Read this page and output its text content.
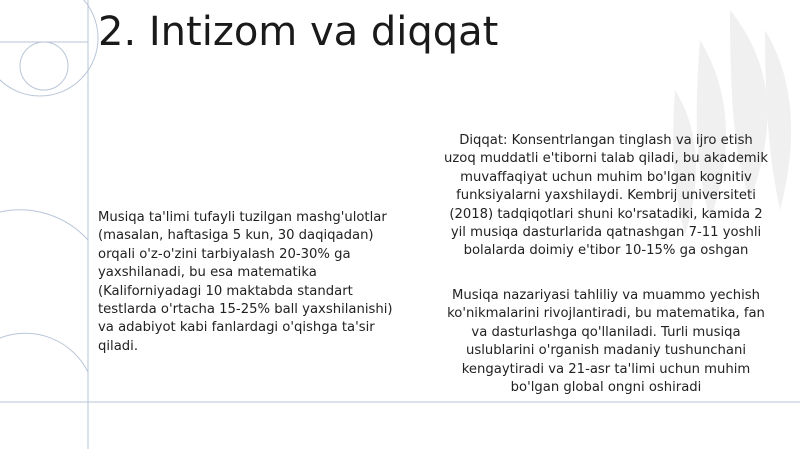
2. Intizom va diqqat

Musiqa ta'limi tufayli tuzilgan mashg'ulotlar (masalan, haftasiga 5 kun, 30 daqiqadan) orqali o'z-o'zini tarbiyalash 20-30% ga yaxshilanadi, bu esa matematika (Kaliforniyadagi 10 maktabda standart testlarda o'rtacha 15-25% ball yaxshilanishi) va adabiyot kabi fanlardagi o'qishga ta'sir qiladi.

Diqqat: Konsentrlangan tinglash va ijro etish uzoq muddatli e'tiborni talab qiladi, bu akademik muvaffaqiyat uchun muhim bo'lgan kognitiv funksiyalarni yaxshilaydi. Kembrij universiteti (2018) tadqiqotlari shuni ko'rsatadiki, kamida 2 yil musiqa dasturlarida qatnashgan 7-11 yoshli bolalarda doimiy e'tibor 10-15% ga oshgan

Musiqa nazariyasi tahliliy va muammo yechish ko'nikmalarini rivojlantiradi, bu matematika, fan va dasturlashga qo'llaniladi. Turli musiqa uslublarini o'rganish madaniy tushunchani kengaytiradi va 21-asr ta'limi uchun muhim bo'lgan global ongni oshiradi
